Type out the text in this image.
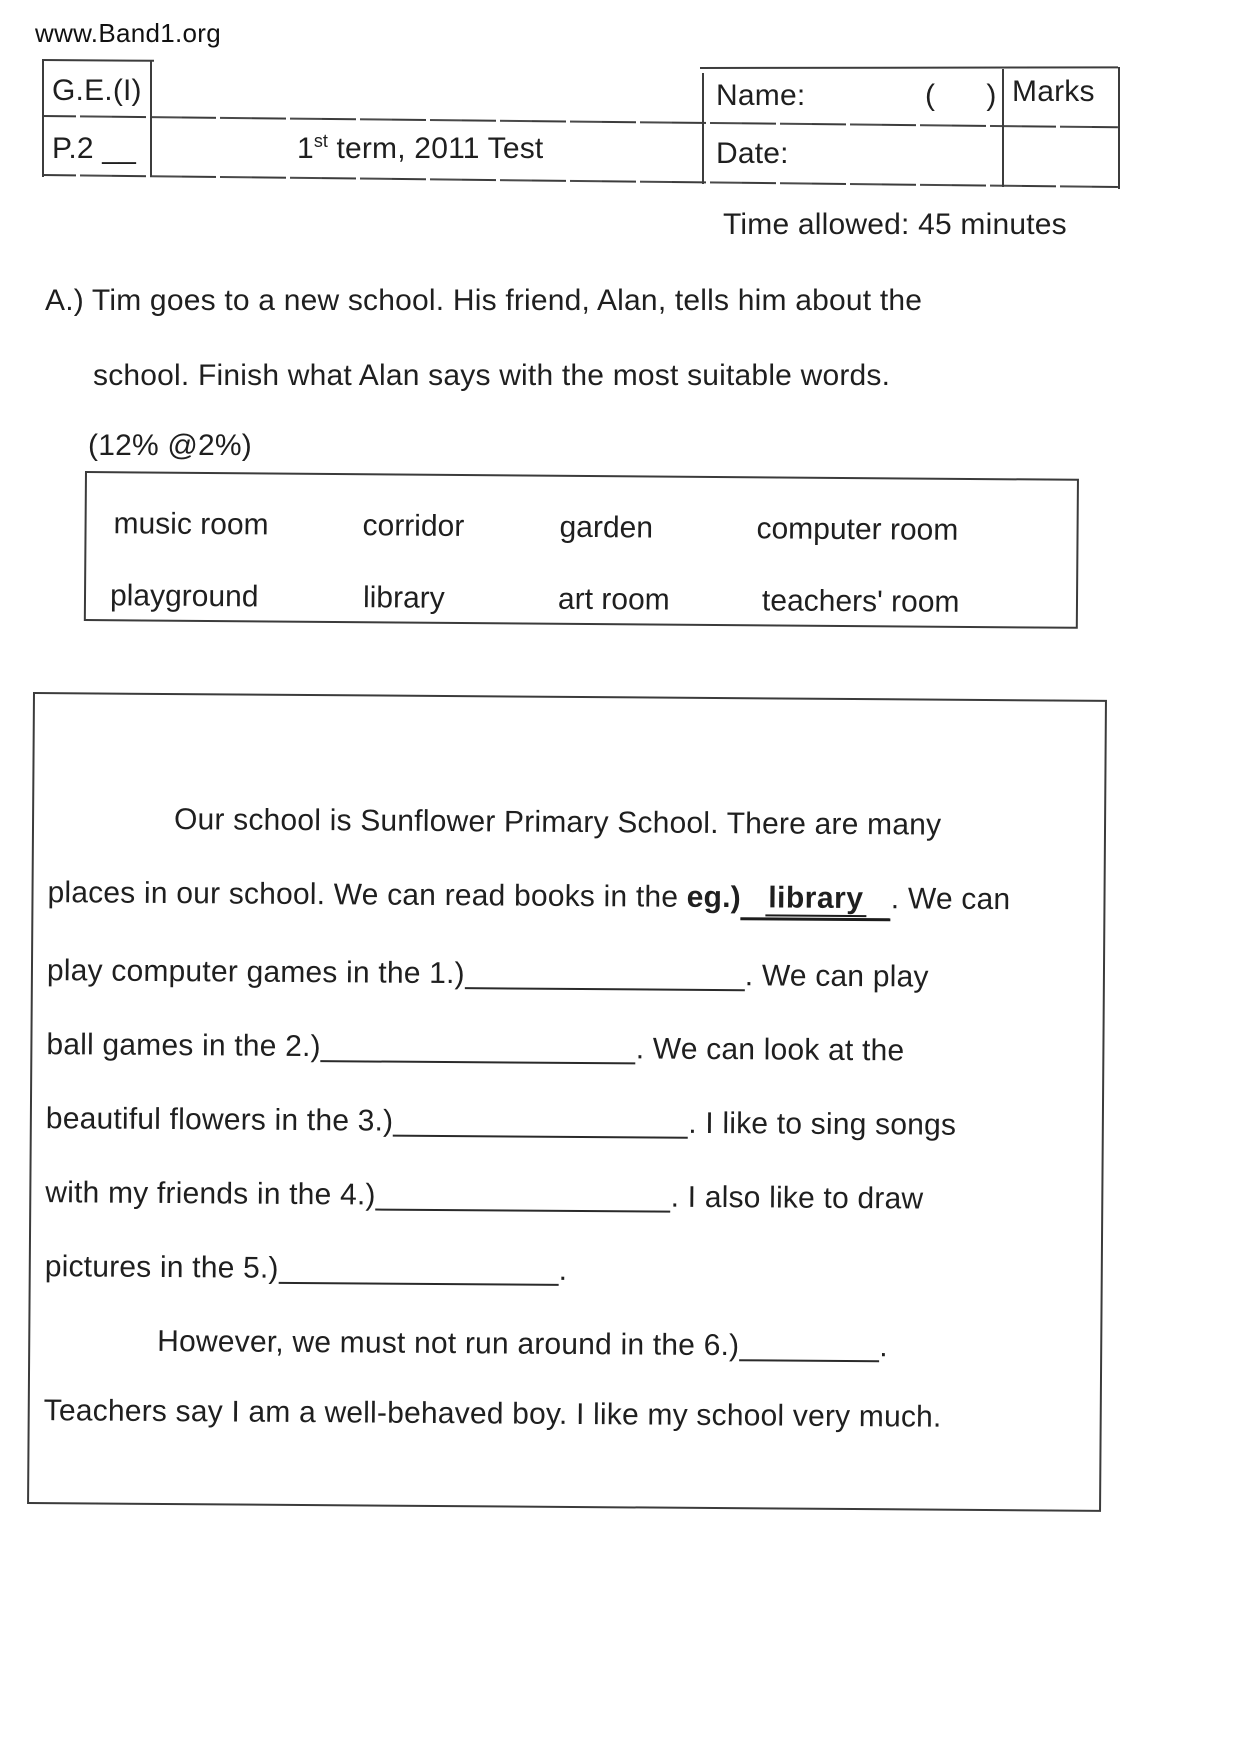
www.Band1.org
G.E.(I)
P.2 __	1st term, 2011 Test
Name:	(      ) Marks
Date:
Time allowed: 45 minutes
A.) Tim goes to a new school. His friend, Alan, tells him about the
school. Finish what Alan says with the most suitable words.
(12% @2%)
music room	corridor	garden	computer room
playground	library	art room	teachers' room
Our school is Sunflower Primary School. There are many
places in our school. We can read books in the eg.) library . We can
play computer games in the 1.)	. We can play
ball games in the 2.)	. We can look at the
beautiful flowers in the 3.)	. I like to sing songs
with my friends in the 4.)	. I also like to draw
pictures in the 5.)	.
However, we must not run around in the 6.)	.
Teachers say I am a well-behaved boy. I like my school very much.
